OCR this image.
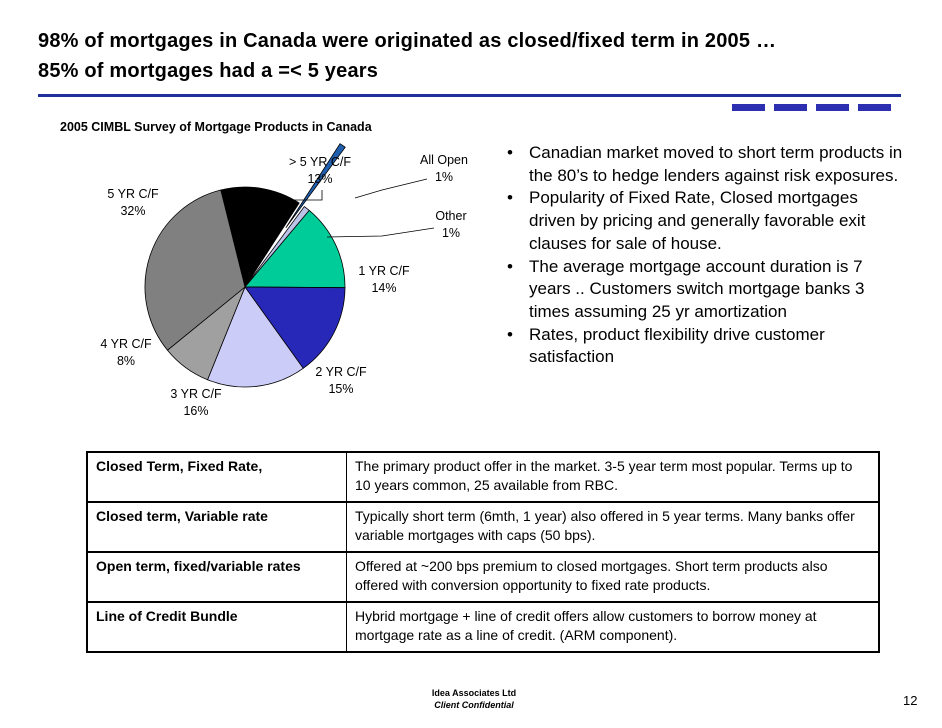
98% of mortgages in Canada were originated as closed/fixed term in 2005 …
85% of mortgages had a =< 5 years
2005 CIMBL Survey of Mortgage Products in Canada
> 5 YR C/F
13%
All Open
1%
Other
1%
1 YR C/F
14%
2 YR C/F
15%
3 YR C/F
16%
4 YR C/F
8%
5 YR C/F
32%
• Canadian market moved to short term products in the 80’s to hedge lenders against risk exposures.
• Popularity of Fixed Rate, Closed mortgages driven by pricing and generally favorable exit clauses for sale of house.
• The average mortgage account duration is 7 years .. Customers switch mortgage banks 3 times assuming 25 yr amortization
• Rates, product flexibility drive customer satisfaction
Closed Term, Fixed Rate,	The primary product offer in the market. 3-5 year term most popular. Terms up to 10 years common, 25 available from RBC.
Closed term, Variable rate	Typically short term (6mth, 1 year) also offered in 5 year terms. Many banks offer variable mortgages with caps (50 bps).
Open term, fixed/variable rates	Offered at ~200 bps premium to closed mortgages. Short term products also offered with conversion opportunity to fixed rate products.
Line of Credit Bundle	Hybrid mortgage + line of credit offers allow customers to borrow money at mortgage rate as a line of credit. (ARM component).
Idea Associates Ltd
Client Confidential	12
